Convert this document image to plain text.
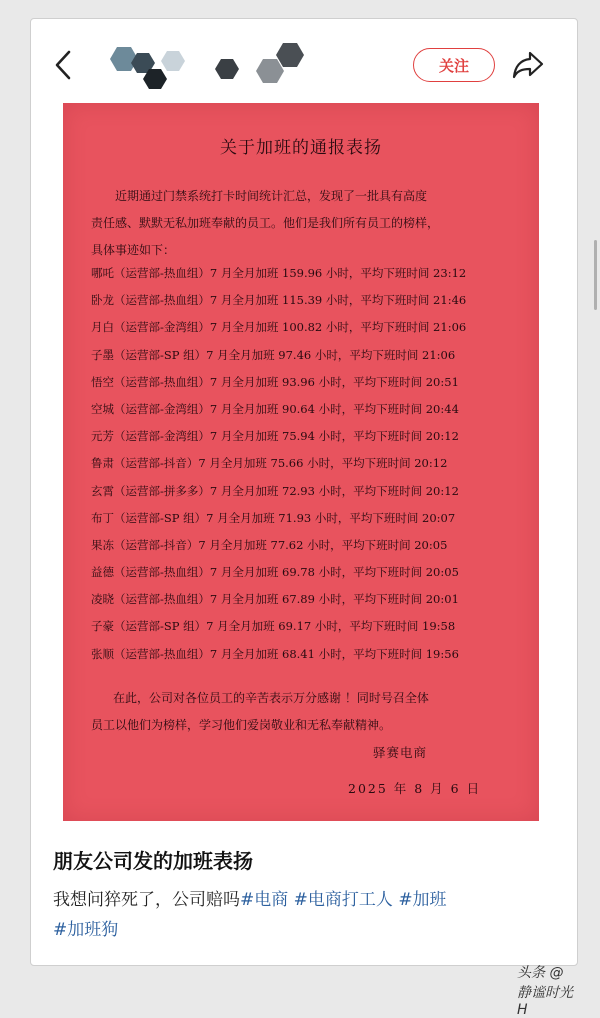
关注
关于加班的通报表扬
近期通过门禁系统打卡时间统计汇总，发现了一批具有高度
责任感、默默无私加班奉献的员工。他们是我们所有员工的榜样，
具体事迹如下：
哪吒（运营部-热血组）7 月全月加班 159.96 小时，平均下班时间 23:12
卧龙（运营部-热血组）7 月全月加班 115.39 小时，平均下班时间 21:46
月白（运营部-金湾组）7 月全月加班 100.82 小时，平均下班时间 21:06
子墨（运营部-SP 组）7 月全月加班 97.46 小时，平均下班时间 21:06
悟空（运营部-热血组）7 月全月加班 93.96 小时，平均下班时间 20:51
空城（运营部-金湾组）7 月全月加班 90.64 小时，平均下班时间 20:44
元芳（运营部-金湾组）7 月全月加班 75.94 小时，平均下班时间 20:12
鲁肃（运营部-抖音）7 月全月加班 75.66 小时，平均下班时间 20:12
玄霄（运营部-拼多多）7 月全月加班 72.93 小时，平均下班时间 20:12
布丁（运营部-SP 组）7 月全月加班 71.93 小时，平均下班时间 20:07
果冻（运营部-抖音）7 月全月加班 77.62 小时，平均下班时间 20:05
益德（运营部-热血组）7 月全月加班 69.78 小时，平均下班时间 20:05
凌晓（运营部-热血组）7 月全月加班 67.89 小时，平均下班时间 20:01
子豪（运营部-SP 组）7 月全月加班 69.17 小时，平均下班时间 19:58
张顺（运营部-热血组）7 月全月加班 68.41 小时，平均下班时间 19:56
在此，公司对各位员工的辛苦表示万分感谢 ！同时号召全体
员工以他们为榜样，学习他们爱岗敬业和无私奉献精神。
驿赛电商
2025 年 8 月 6 日
朋友公司发的加班表扬
我想问猝死了，公司赔吗#电商 #电商打工人 #加班
#加班狗
头条 @静谧时光H
